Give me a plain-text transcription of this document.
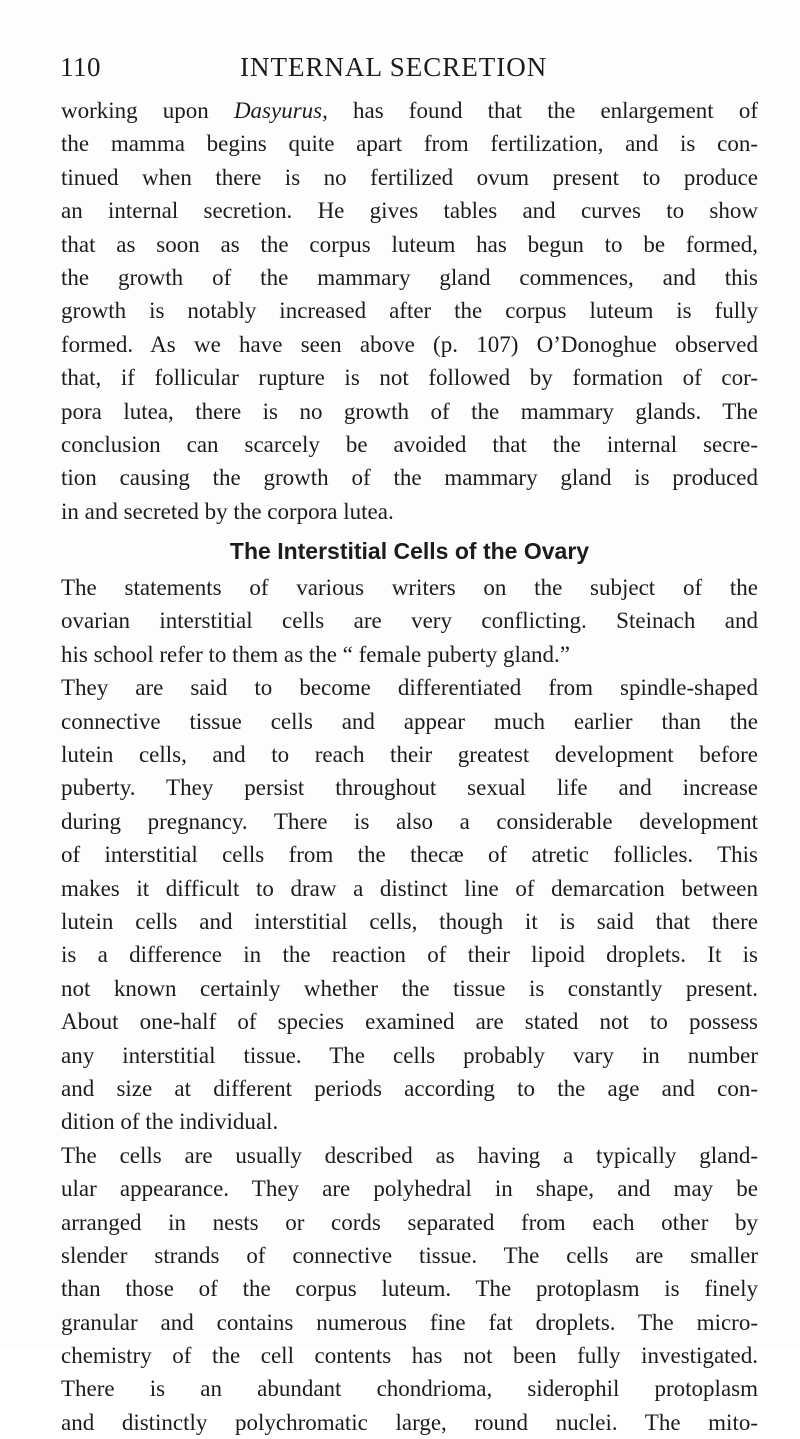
110	INTERNAL SECRETION
working upon Dasyurus, has found that the enlargement of
the mamma begins quite apart from fertilization, and is con-
tinued when there is no fertilized ovum present to produce
an internal secretion. He gives tables and curves to show
that as soon as the corpus luteum has begun to be formed,
the growth of the mammary gland commences, and this
growth is notably increased after the corpus luteum is fully
formed. As we have seen above (p. 107) O’Donoghue observed
that, if follicular rupture is not followed by formation of cor-
pora lutea, there is no growth of the mammary glands. The
conclusion can scarcely be avoided that the internal secre-
tion causing the growth of the mammary gland is produced
in and secreted by the corpora lutea.
The Interstitial Cells of the Ovary
The statements of various writers on the subject of the
ovarian interstitial cells are very conflicting. Steinach and
his school refer to them as the “ female puberty gland.”
They are said to become differentiated from spindle-shaped
connective tissue cells and appear much earlier than the
lutein cells, and to reach their greatest development before
puberty. They persist throughout sexual life and increase
during pregnancy. There is also a considerable development
of interstitial cells from the thecæ of atretic follicles. This
makes it difficult to draw a distinct line of demarcation between
lutein cells and interstitial cells, though it is said that there
is a difference in the reaction of their lipoid droplets. It is
not known certainly whether the tissue is constantly present.
About one-half of species examined are stated not to possess
any interstitial tissue. The cells probably vary in number
and size at different periods according to the age and con-
dition of the individual.
The cells are usually described as having a typically gland-
ular appearance. They are polyhedral in shape, and may be
arranged in nests or cords separated from each other by
slender strands of connective tissue. The cells are smaller
than those of the corpus luteum. The protoplasm is finely
granular and contains numerous fine fat droplets. The micro-
chemistry of the cell contents has not been fully investigated.
There is an abundant chondrioma, siderophil protoplasm
and distinctly polychromatic large, round nuclei. The mito-
